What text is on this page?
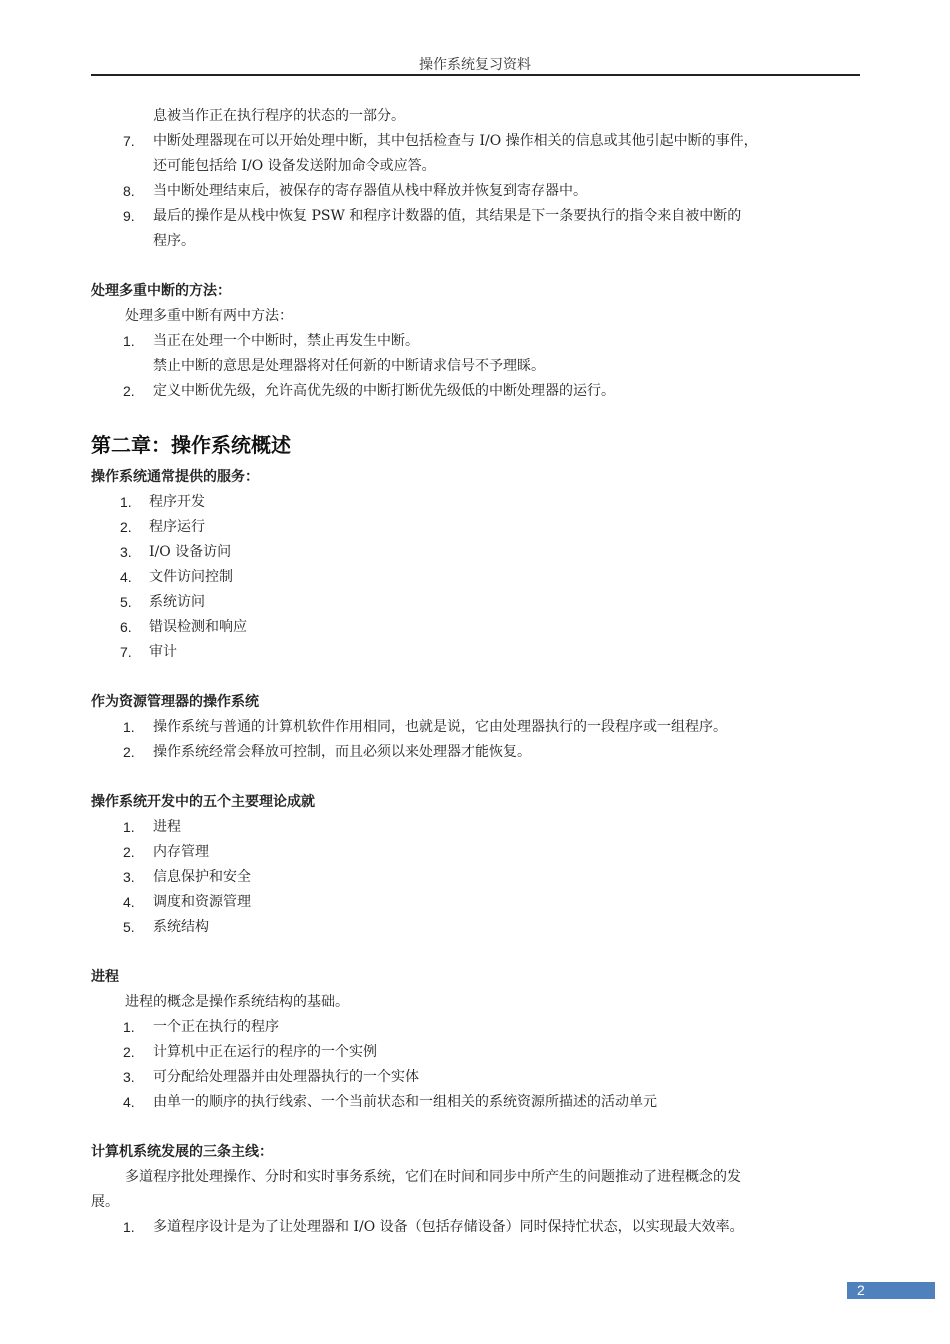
操作系统复习资料
息被当作正在执行程序的状态的一部分。
7.	中断处理器现在可以开始处理中断，其中包括检查与 I/O 操作相关的信息或其他引起中断的事件，
还可能包括给 I/O 设备发送附加命令或应答。
8.	当中断处理结束后，被保存的寄存器值从栈中释放并恢复到寄存器中。
9.	最后的操作是从栈中恢复 PSW 和程序计数器的值，其结果是下一条要执行的指令来自被中断的
程序。
处理多重中断的方法：
处理多重中断有两中方法：
1.	当正在处理一个中断时，禁止再发生中断。
禁止中断的意思是处理器将对任何新的中断请求信号不予理睬。
2.	定义中断优先级，允许高优先级的中断打断优先级低的中断处理器的运行。
第二章：操作系统概述
操作系统通常提供的服务：
1.	程序开发
2.	程序运行
3.	I/O 设备访问
4.	文件访问控制
5.	系统访问
6.	错误检测和响应
7.	审计
作为资源管理器的操作系统
1.	操作系统与普通的计算机软件作用相同，也就是说，它由处理器执行的一段程序或一组程序。
2.	操作系统经常会释放可控制，而且必须以来处理器才能恢复。
操作系统开发中的五个主要理论成就
1.	进程
2.	内存管理
3.	信息保护和安全
4.	调度和资源管理
5.	系统结构
进程
进程的概念是操作系统结构的基础。
1.	一个正在执行的程序
2.	计算机中正在运行的程序的一个实例
3.	可分配给处理器并由处理器执行的一个实体
4.	由单一的顺序的执行线索、一个当前状态和一组相关的系统资源所描述的活动单元
计算机系统发展的三条主线：
多道程序批处理操作、分时和实时事务系统，它们在时间和同步中所产生的问题推动了进程概念的发
展。
1.	多道程序设计是为了让处理器和 I/O 设备（包括存储设备）同时保持忙状态，以实现最大效率。
2
